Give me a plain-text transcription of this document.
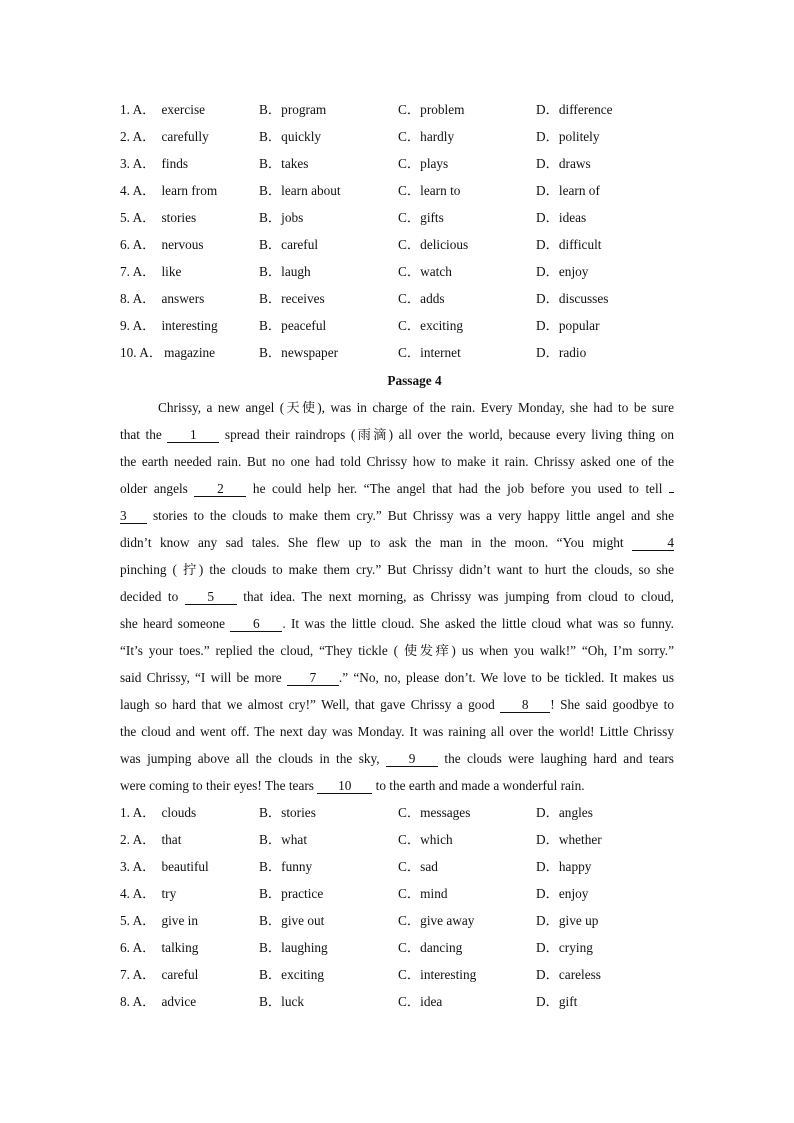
1. A． exercise	B．program	C．problem	D．difference
2. A． carefully	B．quickly	C．hardly	D．politely
3. A． finds	B．takes	C．plays	D．draws
4. A． learn from	B．learn about	C．learn to	D．learn of
5. A． stories	B．jobs	C．gifts	D．ideas
6. A． nervous	B．careful	C．delicious	D．difficult
7. A． like	B．laugh	C．watch	D．enjoy
8. A． answers	B．receives	C．adds	D．discusses
9. A． interesting	B．peaceful	C．exciting	D．popular
10. A． magazine	B．newspaper	C．internet	D．radio
Passage 4
Chrissy, a new angel (天使), was in charge of the rain. Every Monday, she had to be sure
that the 1 spread their raindrops (雨滴) all over the world, because every living thing on
the earth needed rain. But no one had told Chrissy how to make it rain. Chrissy asked one of the
older angels 2 he could help her. “The angel that had the job before you used to tell
3 stories to the clouds to make them cry.” But Chrissy was a very happy little angel and she
didn’t know any sad tales. She flew up to ask the man in the moon. “You might	4
pinching ( 拧) the clouds to make them cry.” But Chrissy didn’t want to hurt the clouds, so she
decided to 5 that idea. The next morning, as Chrissy was jumping from cloud to cloud,
she heard someone 6 . It was the little cloud. She asked the little cloud what was so funny.
“It’s your toes.” replied the cloud, “They tickle ( 使发痒) us when you walk!” “Oh, I’m sorry.”
said Chrissy, “I will be more 7 .” “No, no, please don’t. We love to be tickled. It makes us
laugh so hard that we almost cry!” Well, that gave Chrissy a good 8 ! She said goodbye to
the cloud and went off. The next day was Monday. It was raining all over the world! Little Chrissy
was jumping above all the clouds in the sky, 9 the clouds were laughing hard and tears
were coming to their eyes! The tears 10 to the earth and made a wonderful rain.
1. A． clouds	B．stories	C．messages	D．angles
2. A． that	B．what	C．which	D．whether
3. A． beautiful	B．funny	C．sad	D．happy
4. A． try	B．practice	C．mind	D．enjoy
5. A． give in	B．give out	C．give away	D．give up
6. A． talking	B．laughing	C．dancing	D．crying
7. A． careful	B．exciting	C．interesting	D．careless
8. A． advice	B．luck	C．idea	D．gift
